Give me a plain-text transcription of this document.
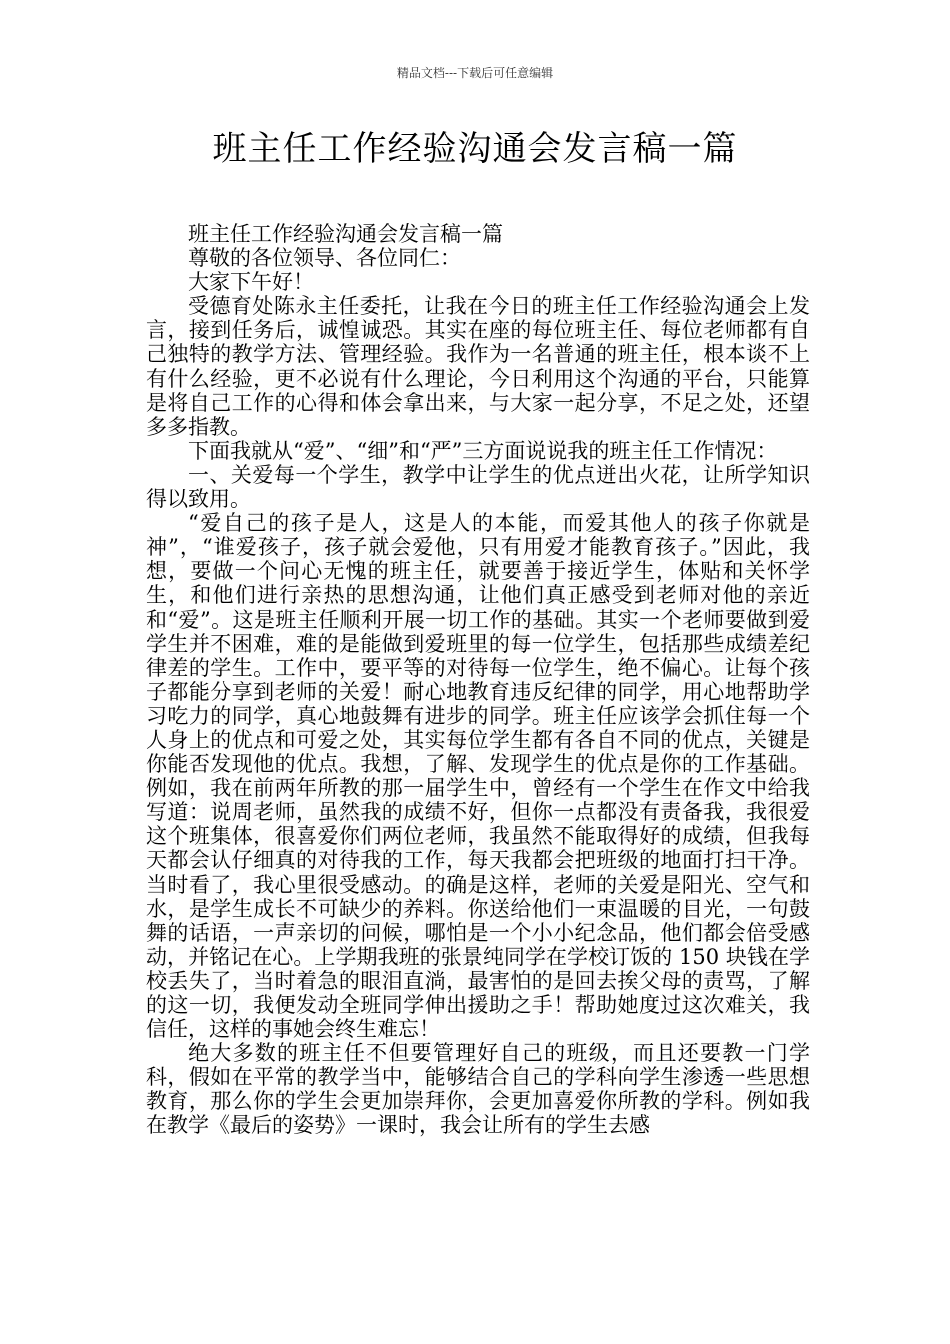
精品文档---下载后可任意编辑
班主任工作经验沟通会发言稿一篇

班主任工作经验沟通会发言稿一篇

尊敬的各位领导、各位同仁：

大家下午好！

受德育处陈永主任委托，让我在今日的班主任工作经验沟通会上发言，接到任务后，诚惶诚恐。其实在座的每位班主任、每位老师都有自己独特的教学方法、管理经验。我作为一名普通的班主任，根本谈不上有什么经验，更不必说有什么理论，今日利用这个沟通的平台，只能算是将自己工作的心得和体会拿出来，与大家一起分享，不足之处，还望多多指教。

下面我就从“爱”、“细”和“严”三方面说说我的班主任工作情况：

一、关爱每一个学生，教学中让学生的优点迸出火花，让所学知识得以致用。

“爱自己的孩子是人，这是人的本能，而爱其他人的孩子你就是神”，“谁爱孩子，孩子就会爱他，只有用爱才能教育孩子。”因此，我想，要做一个问心无愧的班主任，就要善于接近学生，体贴和关怀学生，和他们进行亲热的思想沟通，让他们真正感受到老师对他的亲近和“爱”。这是班主任顺利开展一切工作的基础。其实一个老师要做到爱学生并不困难，难的是能做到爱班里的每一位学生，包括那些成绩差纪律差的学生。工作中，要平等的对待每一位学生，绝不偏心。让每个孩子都能分享到老师的关爱！耐心地教育违反纪律的同学，用心地帮助学习吃力的同学，真心地鼓舞有进步的同学。班主任应该学会抓住每一个人身上的优点和可爱之处，其实每位学生都有各自不同的优点，关键是你能否发现他的优点。我想，了解、发现学生的优点是你的工作基础。例如，我在前两年所教的那一届学生中，曾经有一个学生在作文中给我写道：说周老师，虽然我的成绩不好，但你一点都没有责备我，我很爱这个班集体，很喜爱你们两位老师，我虽然不能取得好的成绩，但我每天都会认仔细真的对待我的工作，每天我都会把班级的地面打扫干净。当时看了，我心里很受感动。的确是这样，老师的关爱是阳光、空气和水，是学生成长不可缺少的养料。你送给他们一束温暖的目光，一句鼓舞的话语，一声亲切的问候，哪怕是一个小小纪念品，他们都会倍受感动，并铭记在心。上学期我班的张景纯同学在学校订饭的 150 块钱在学校丢失了，当时着急的眼泪直淌，最害怕的是回去挨父母的责骂，了解的这一切，我便发动全班同学伸出援助之手！帮助她度过这次难关，我信任，这样的事她会终生难忘！

绝大多数的班主任不但要管理好自己的班级，而且还要教一门学科，假如在平常的教学当中，能够结合自己的学科向学生渗透一些思想教育，那么你的学生会更加崇拜你，会更加喜爱你所教的学科。例如我在教学《最后的姿势》一课时，我会让所有的学生去感
